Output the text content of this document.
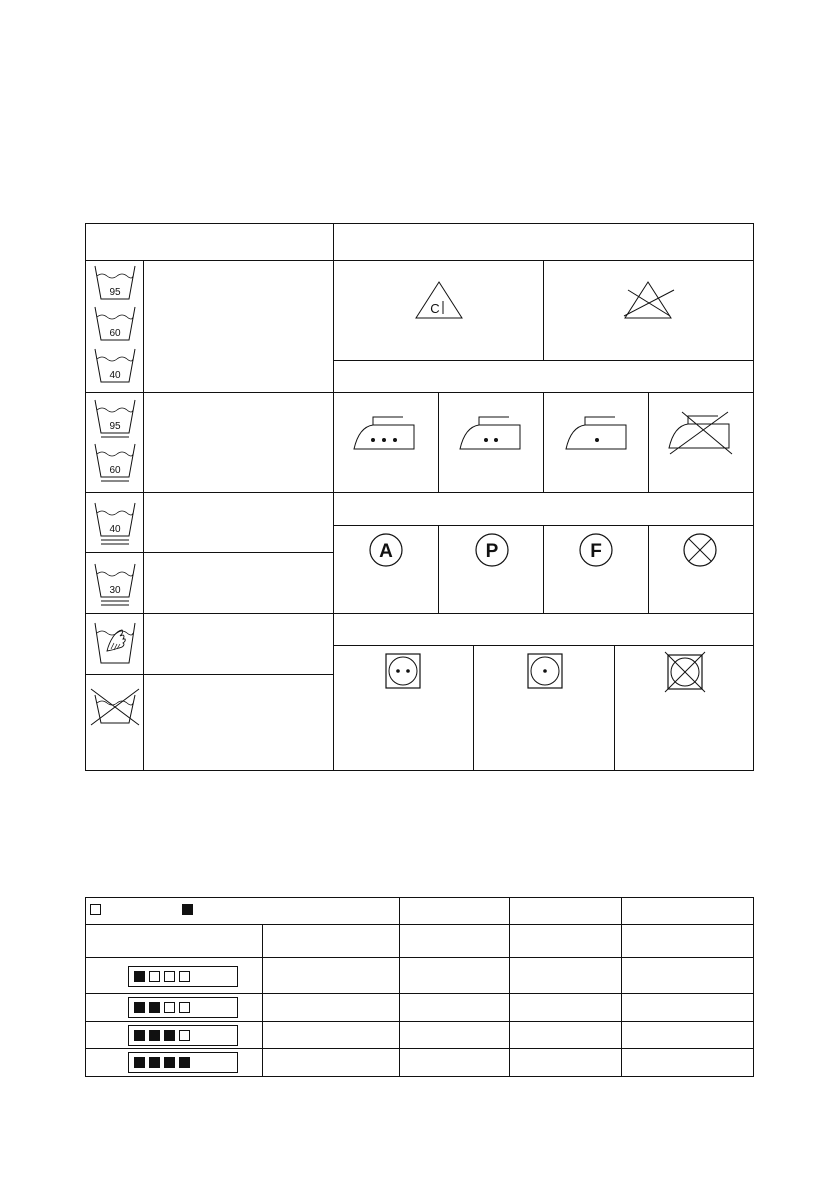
95
60
40
95
60
40
30
C
A	P	F
